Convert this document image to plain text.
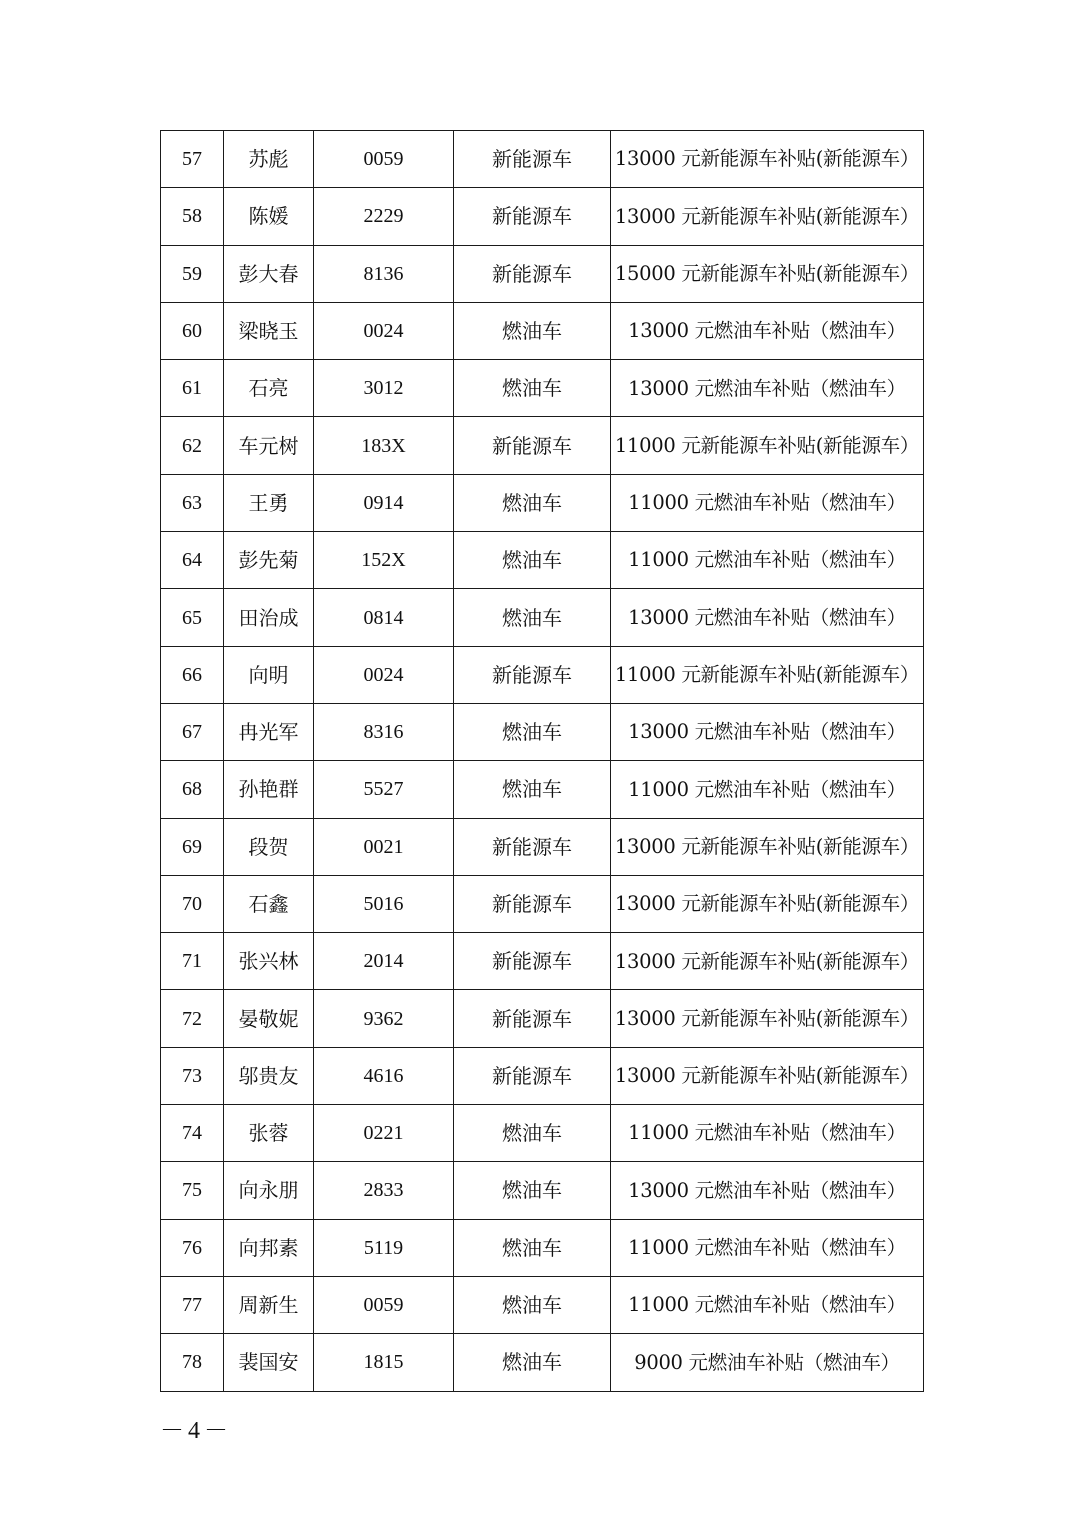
57	苏彪	0059	新能源车	13000 元新能源车补贴(新能源车）
58	陈媛	2229	新能源车	13000 元新能源车补贴(新能源车）
59	彭大春	8136	新能源车	15000 元新能源车补贴(新能源车）
60	梁晓玉	0024	燃油车	13000 元燃油车补贴（燃油车）
61	石亮	3012	燃油车	13000 元燃油车补贴（燃油车）
62	车元树	183X	新能源车	11000 元新能源车补贴(新能源车）
63	王勇	0914	燃油车	11000 元燃油车补贴（燃油车）
64	彭先菊	152X	燃油车	11000 元燃油车补贴（燃油车）
65	田治成	0814	燃油车	13000 元燃油车补贴（燃油车）
66	向明	0024	新能源车	11000 元新能源车补贴(新能源车）
67	冉光军	8316	燃油车	13000 元燃油车补贴（燃油车）
68	孙艳群	5527	燃油车	11000 元燃油车补贴（燃油车）
69	段贺	0021	新能源车	13000 元新能源车补贴(新能源车）
70	石鑫	5016	新能源车	13000 元新能源车补贴(新能源车）
71	张兴林	2014	新能源车	13000 元新能源车补贴(新能源车）
72	晏敬妮	9362	新能源车	13000 元新能源车补贴(新能源车）
73	邬贵友	4616	新能源车	13000 元新能源车补贴(新能源车）
74	张蓉	0221	燃油车	11000 元燃油车补贴（燃油车）
75	向永朋	2833	燃油车	13000 元燃油车补贴（燃油车）
76	向邦素	5119	燃油车	11000 元燃油车补贴（燃油车）
77	周新生	0059	燃油车	11000 元燃油车补贴（燃油车）
78	裴国安	1815	燃油车	9000 元燃油车补贴（燃油车）
－4－
